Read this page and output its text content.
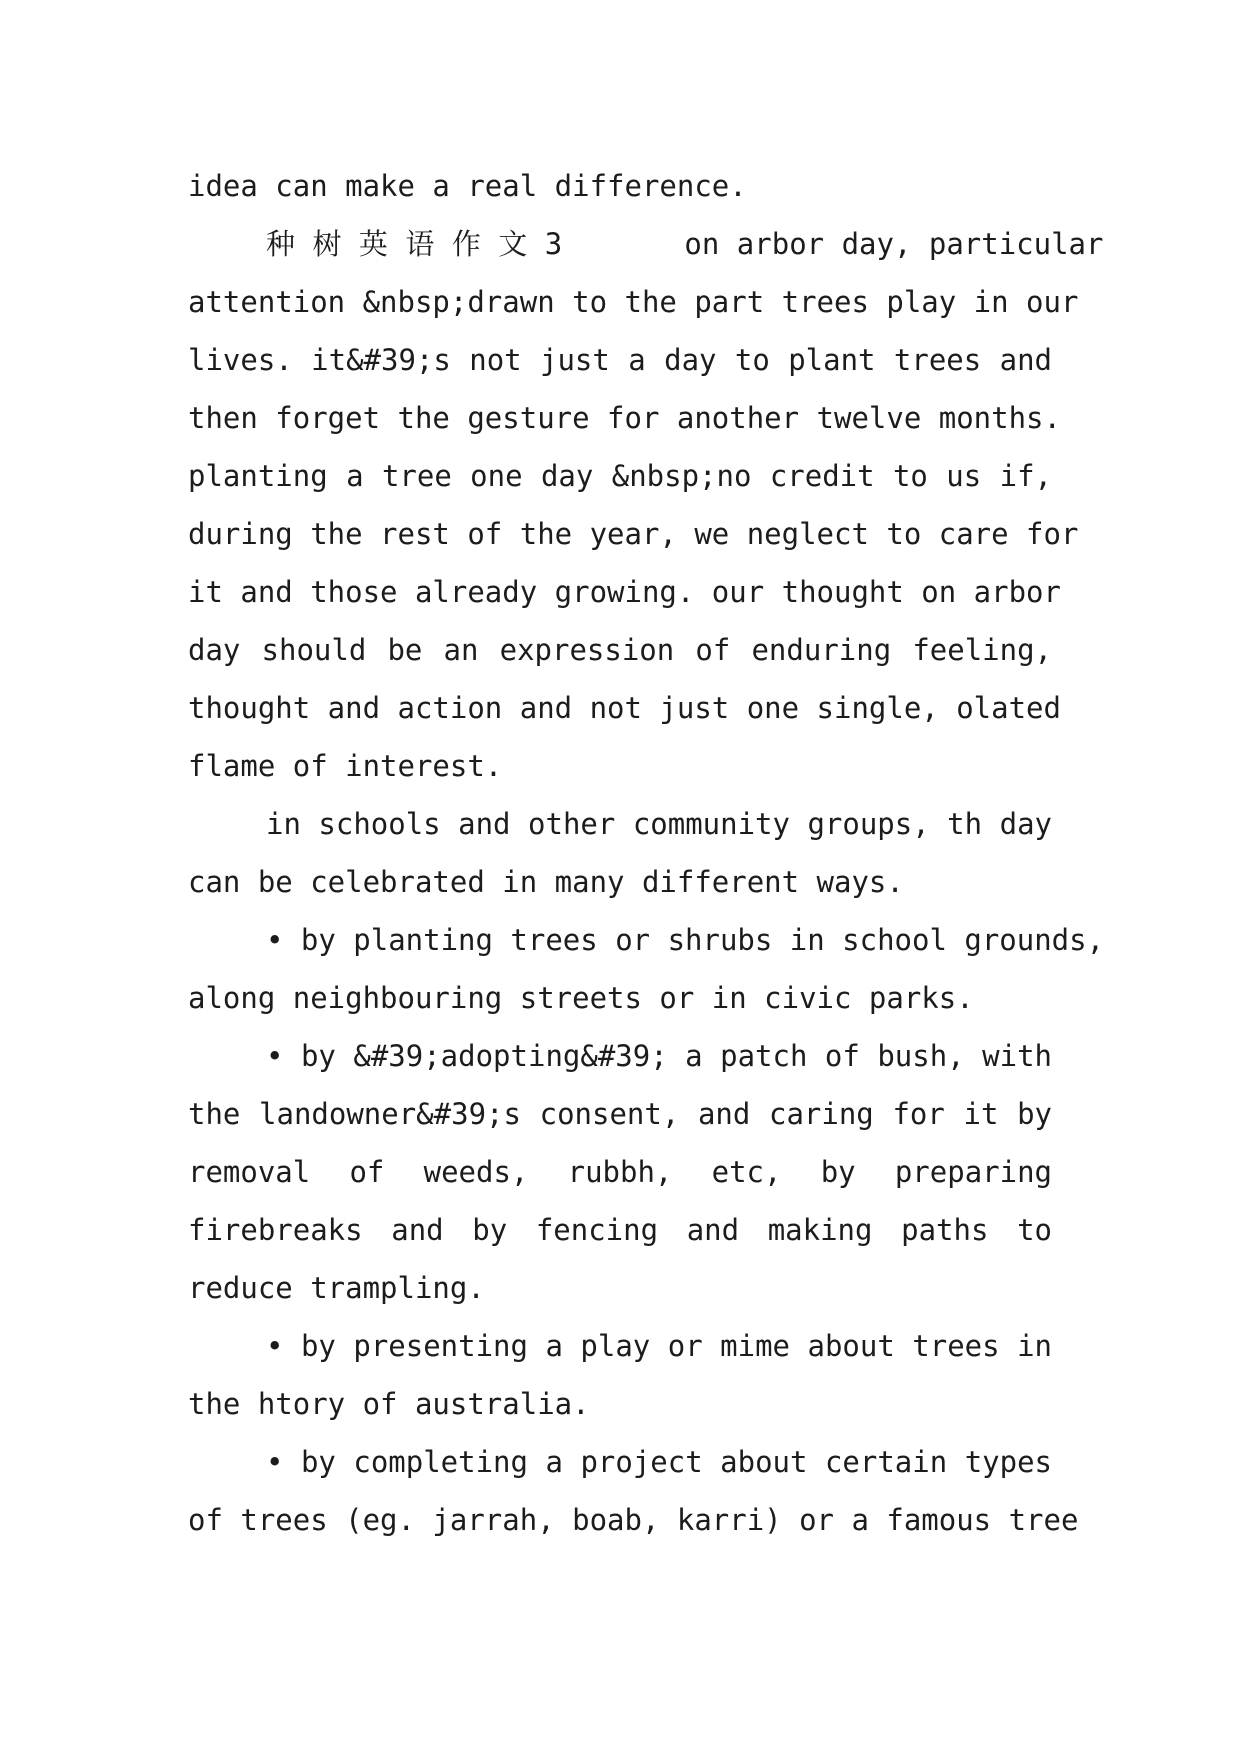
idea can make a real difference.
种 树 英 语 作 文 3       on arbor day, particular
attention &nbsp;drawn to the part trees play in our
lives. it&#39;s not just a day to plant trees and
then forget the gesture for another twelve months.
planting a tree one day &nbsp;no credit to us if,
during the rest of the year, we neglect to care for
it and those already growing. our thought on arbor
day should be an expression of enduring feeling,
thought and action and not just one single, olated
flame of interest.
in schools and other community groups, th day
can be celebrated in many different ways.
• by planting trees or shrubs in school grounds,
along neighbouring streets or in civic parks.
• by &#39;adopting&#39; a patch of bush, with
the landowner&#39;s consent, and caring for it by
removal of weeds, rubbh, etc, by preparing
firebreaks and by fencing and making paths to
reduce trampling.
• by presenting a play or mime about trees in
the htory of australia.
• by completing a project about certain types
of trees (eg. jarrah, boab, karri) or a famous tree
